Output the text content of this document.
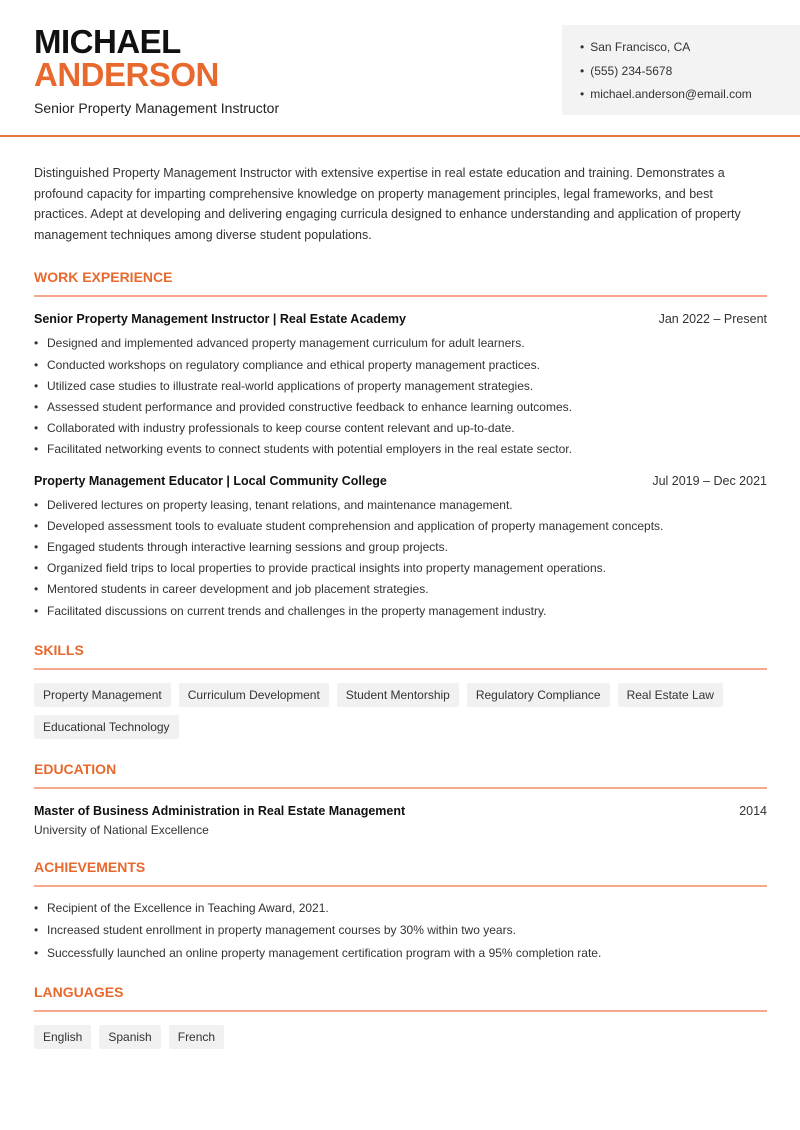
MICHAEL
ANDERSON
Senior Property Management Instructor
• San Francisco, CA
• (555) 234-5678
• michael.anderson@email.com

Distinguished Property Management Instructor with extensive expertise in real estate education and training. Demonstrates a profound capacity for imparting comprehensive knowledge on property management principles, legal frameworks, and best practices. Adept at developing and delivering engaging curricula designed to enhance understanding and application of property management techniques among diverse student populations.

WORK EXPERIENCE
Senior Property Management Instructor | Real Estate Academy	Jan 2022 – Present
• Designed and implemented advanced property management curriculum for adult learners.
• Conducted workshops on regulatory compliance and ethical property management practices.
• Utilized case studies to illustrate real-world applications of property management strategies.
• Assessed student performance and provided constructive feedback to enhance learning outcomes.
• Collaborated with industry professionals to keep course content relevant and up-to-date.
• Facilitated networking events to connect students with potential employers in the real estate sector.
Property Management Educator | Local Community College	Jul 2019 – Dec 2021
• Delivered lectures on property leasing, tenant relations, and maintenance management.
• Developed assessment tools to evaluate student comprehension and application of property management concepts.
• Engaged students through interactive learning sessions and group projects.
• Organized field trips to local properties to provide practical insights into property management operations.
• Mentored students in career development and job placement strategies.
• Facilitated discussions on current trends and challenges in the property management industry.
SKILLS
Property Management	Curriculum Development	Student Mentorship	Regulatory Compliance	Real Estate Law
Educational Technology
EDUCATION
Master of Business Administration in Real Estate Management	2014
University of National Excellence
ACHIEVEMENTS
• Recipient of the Excellence in Teaching Award, 2021.
• Increased student enrollment in property management courses by 30% within two years.
• Successfully launched an online property management certification program with a 95% completion rate.
LANGUAGES
English	Spanish	French
